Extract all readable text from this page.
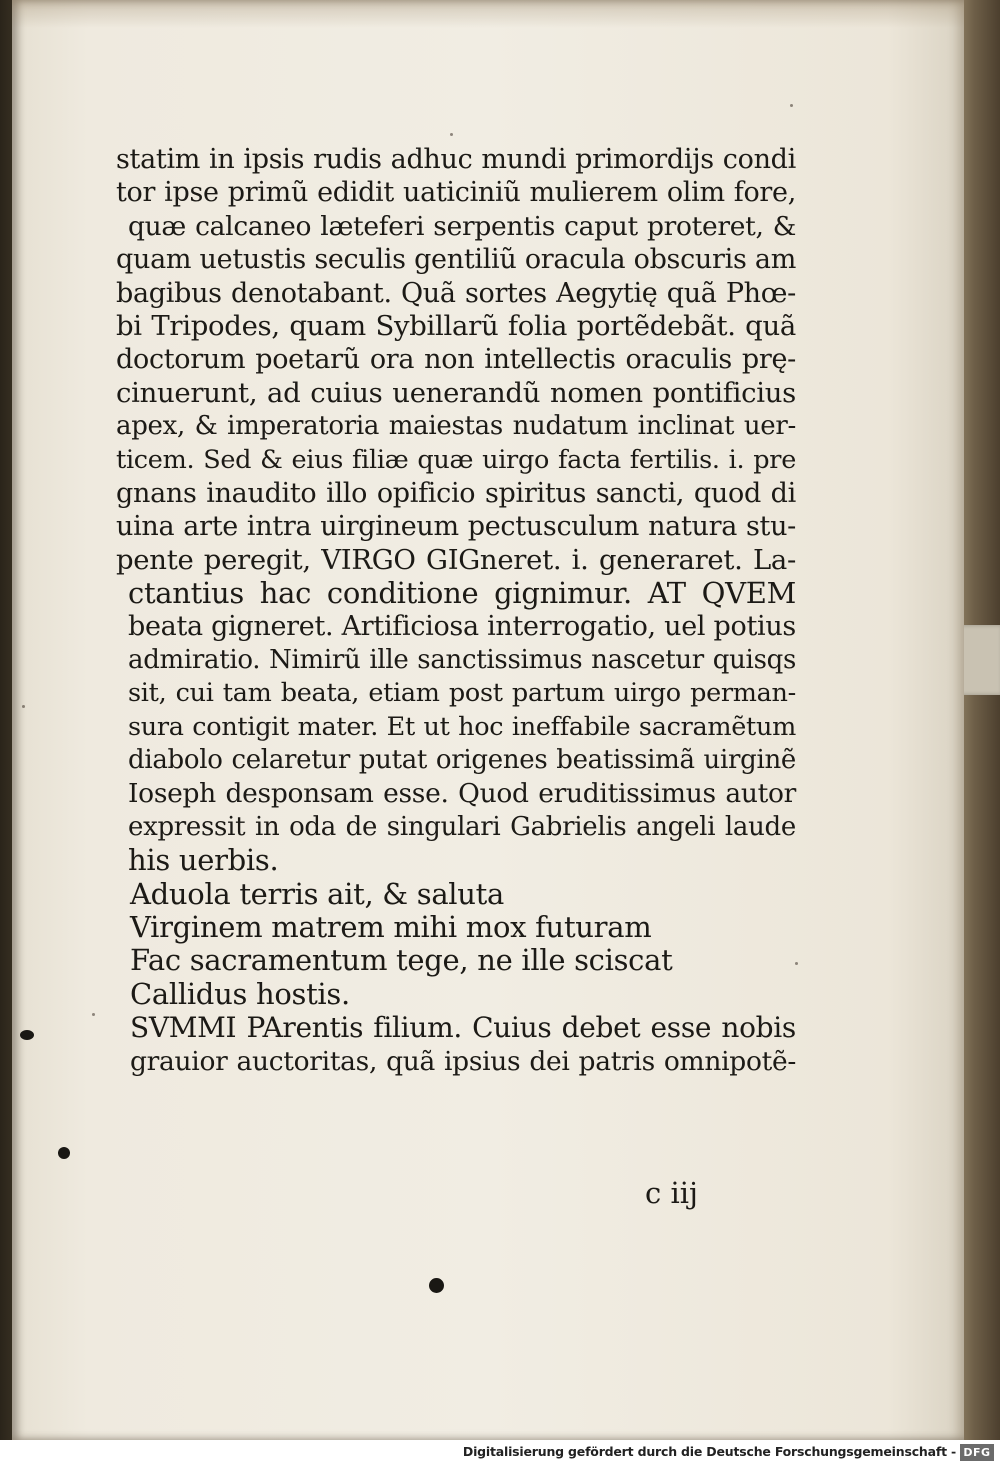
statim in ipsis rudis adhuc mundi primordijs condi
tor ipse primũ edidit uaticiniũ mulierem olim fore,
quæ calcaneo læteferi serpentis caput proteret, &
quam uetustis seculis gentiliũ oracula obscuris am
bagibus denotabant. Quã sortes Aegytię quã Phœ-
bi Tripodes, quam Sybillarũ folia portẽdebãt. quã
doctorum poetarũ ora non intellectis oraculis prę-
cinuerunt, ad cuius uenerandũ nomen pontificius
apex, & imperatoria maiestas nudatum inclinat uer-
ticem. Sed & eius filiæ quæ uirgo facta fertilis. i. pre
gnans inaudito illo opificio spiritus sancti, quod di
uina arte intra uirgineum pectusculum natura stu-
pente peregit, VIRGO GIGneret. i. generaret. La-
ctantius hac conditione gignimur. AT QVEM
beata gigneret. Artificiosa interrogatio, uel potius
admiratio. Nimirũ ille sanctissimus nascetur quisqs
sit, cui tam beata, etiam post partum uirgo perman-
sura contigit mater. Et ut hoc ineffabile sacramẽtum
diabolo celaretur putat origenes beatissimã uirginẽ
Ioseph desponsam esse. Quod eruditissimus autor
expressit in oda de singulari Gabrielis angeli laude
his uerbis.
Aduola terris ait, & saluta
Virginem matrem mihi mox futuram
Fac sacramentum tege, ne ille sciscat
Callidus hostis.
SVMMI PArentis filium. Cuius debet esse nobis
grauior auctoritas, quã ipsius dei patris omnipotẽ-
c iij
Digitalisierung gefördert durch die Deutsche Forschungsgemeinschaft - DFG
